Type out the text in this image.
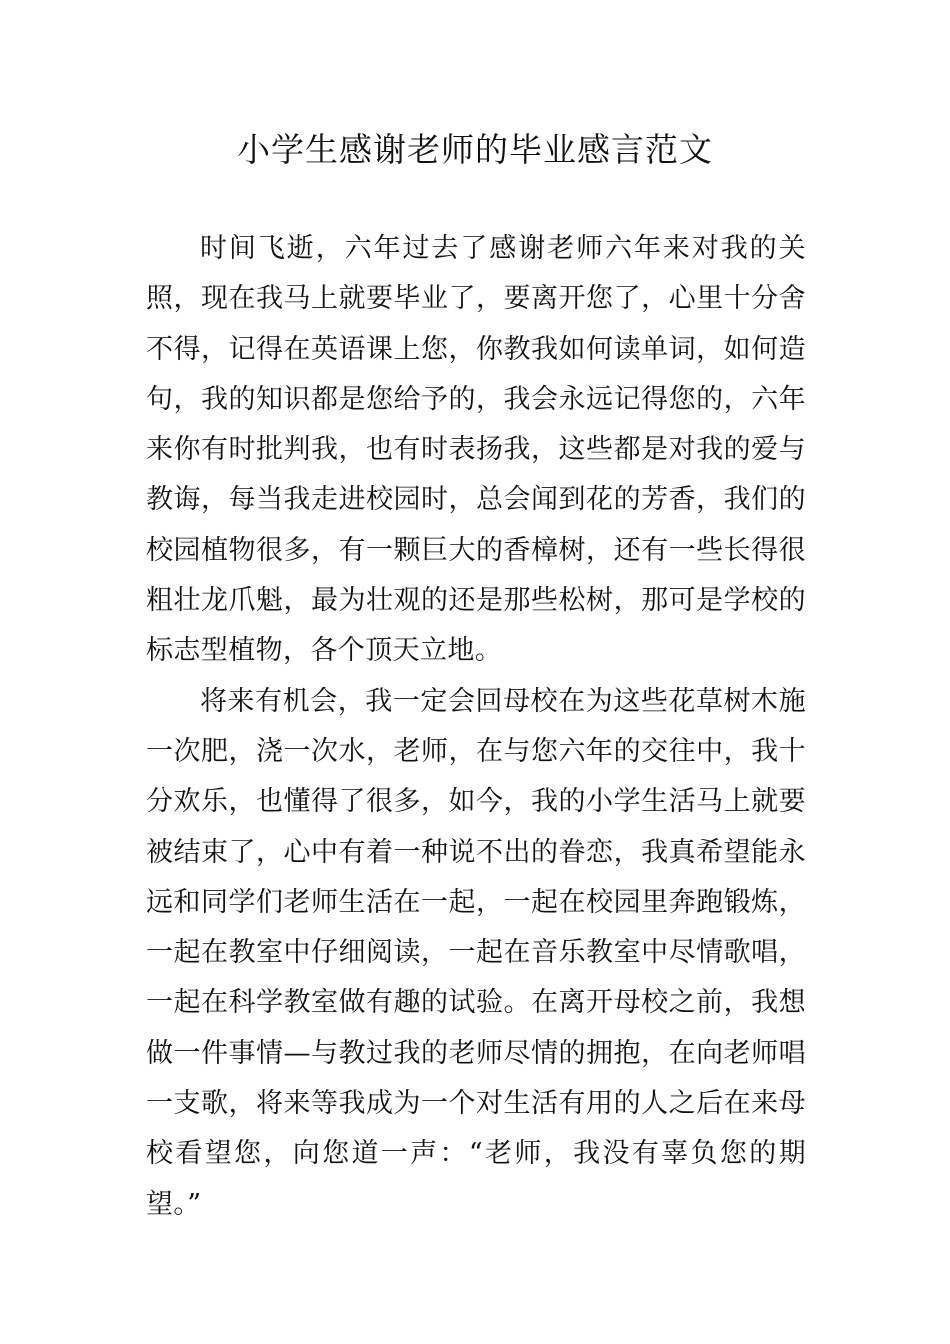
小学生感谢老师的毕业感言范文

时间飞逝，六年过去了感谢老师六年来对我的关照，现在我马上就要毕业了，要离开您了，心里十分舍不得，记得在英语课上您，你教我如何读单词，如何造句，我的知识都是您给予的，我会永远记得您的，六年来你有时批判我，也有时表扬我，这些都是对我的爱与教诲，每当我走进校园时，总会闻到花的芳香，我们的校园植物很多，有一颗巨大的香樟树，还有一些长得很粗壮龙爪魁，最为壮观的还是那些松树，那可是学校的标志型植物，各个顶天立地。

将来有机会，我一定会回母校在为这些花草树木施一次肥，浇一次水，老师，在与您六年的交往中，我十分欢乐，也懂得了很多，如今，我的小学生活马上就要被结束了，心中有着一种说不出的眷恋，我真希望能永远和同学们老师生活在一起，一起在校园里奔跑锻炼，一起在教室中仔细阅读，一起在音乐教室中尽情歌唱，一起在科学教室做有趣的试验。在离开母校之前，我想做一件事情—与教过我的老师尽情的拥抱，在向老师唱一支歌，将来等我成为一个对生活有用的人之后在来母校看望您，向您道一声：“老师，我没有辜负您的期望。”
